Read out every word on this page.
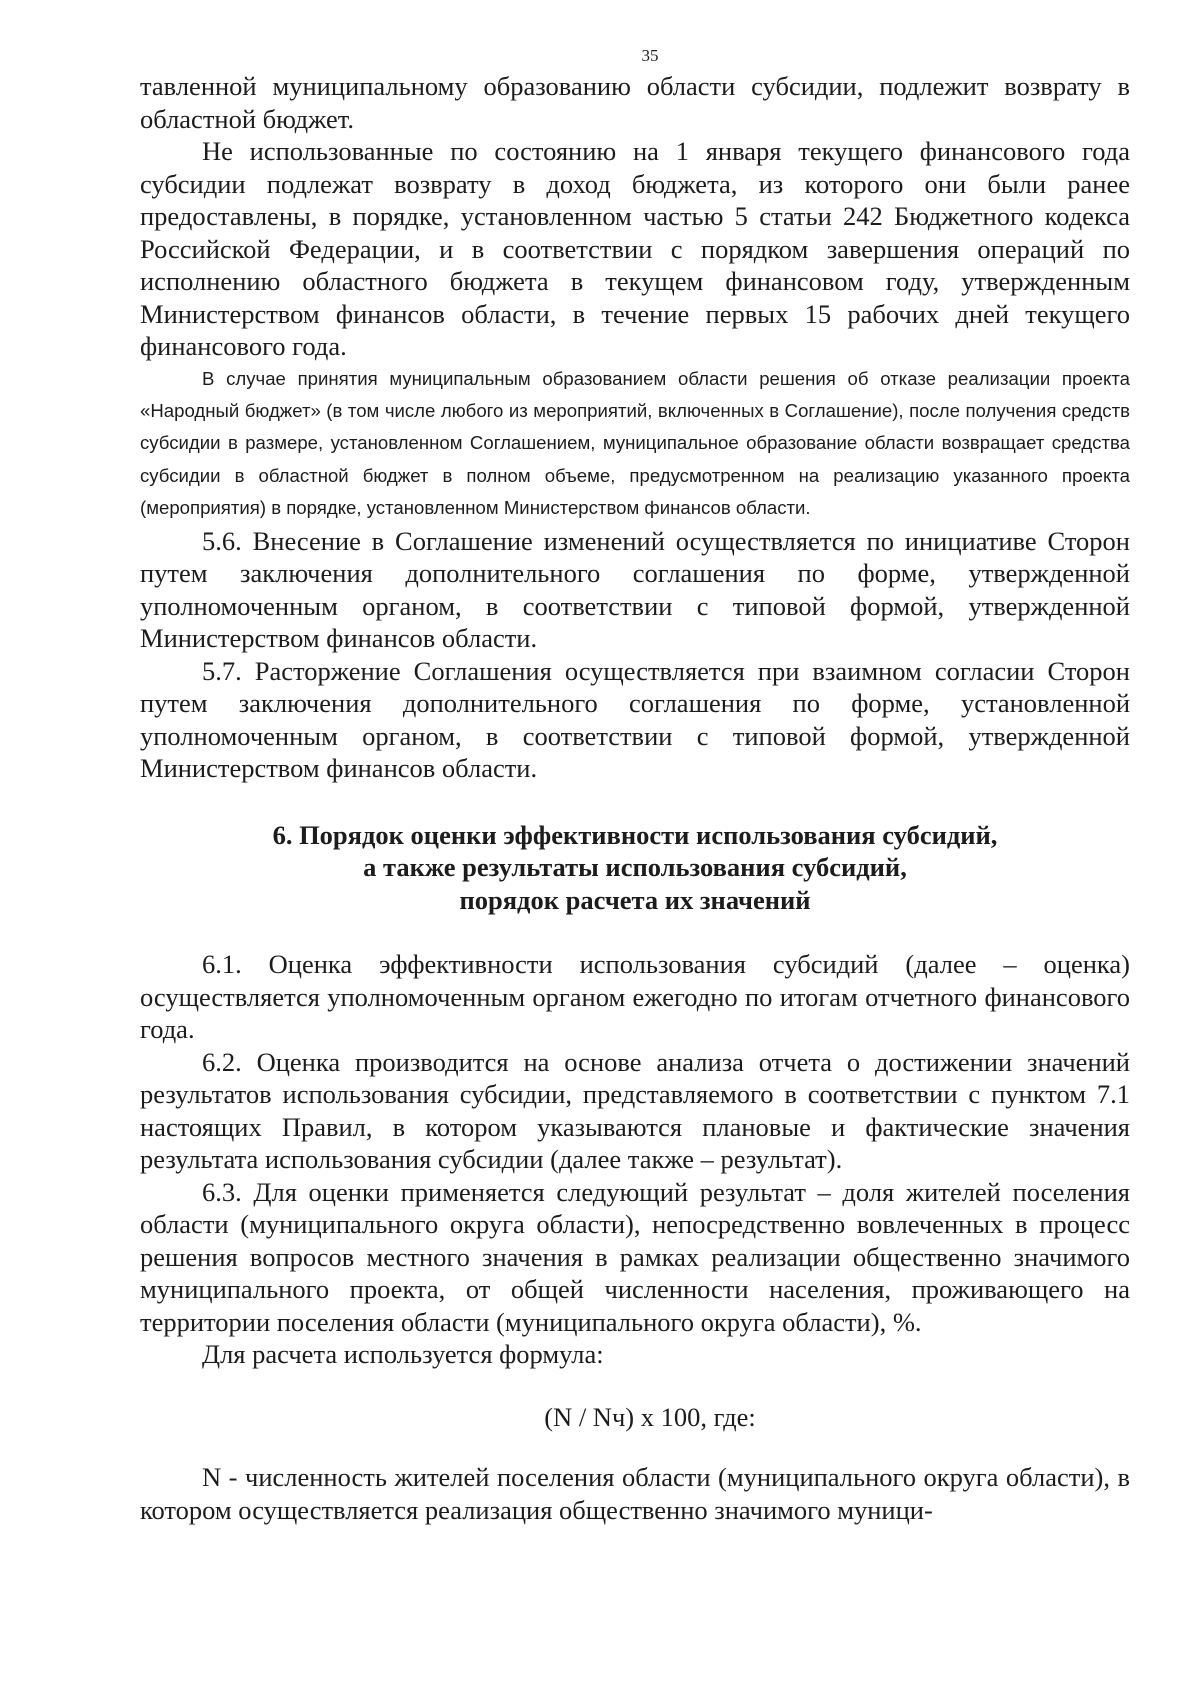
35

тавленной муниципальному образованию области субсидии, подлежит возврату в областной бюджет.

Не использованные по состоянию на 1 января текущего финансового года субсидии подлежат возврату в доход бюджета, из которого они были ранее предоставлены, в порядке, установленном частью 5 статьи 242 Бюджетного кодекса Российской Федерации, и в соответствии с порядком завершения операций по исполнению областного бюджета в текущем финансовом году, утвержденным Министерством финансов области, в течение первых 15 рабочих дней текущего финансового года.

В случае принятия муниципальным образованием области решения об отказе реализации проекта «Народный бюджет» (в том числе любого из мероприятий, включенных в Соглашение), после получения средств субсидии в размере, установленном Соглашением, муниципальное образование области возвращает средства субсидии в областной бюджет в полном объеме, предусмотренном на реализацию указанного проекта (мероприятия) в порядке, установленном Министерством финансов области.

5.6. Внесение в Соглашение изменений осуществляется по инициативе Сторон путем заключения дополнительного соглашения по форме, утвержденной уполномоченным органом, в соответствии с типовой формой, утвержденной Министерством финансов области.

5.7. Расторжение Соглашения осуществляется при взаимном согласии Сторон путем заключения дополнительного соглашения по форме, установленной уполномоченным органом, в соответствии с типовой формой, утвержденной Министерством финансов области.

6. Порядок оценки эффективности использования субсидий,
а также результаты использования субсидий,
порядок расчета их значений

6.1. Оценка эффективности использования субсидий (далее – оценка) осуществляется уполномоченным органом ежегодно по итогам отчетного финансового года.

6.2. Оценка производится на основе анализа отчета о достижении значений результатов использования субсидии, представляемого в соответствии с пунктом 7.1 настоящих Правил, в котором указываются плановые и фактические значения результата использования субсидии (далее также – результат).

6.3. Для оценки применяется следующий результат – доля жителей поселения области (муниципального округа области), непосредственно вовлеченных в процесс решения вопросов местного значения в рамках реализации общественно значимого муниципального проекта, от общей численности населения, проживающего на территории поселения области (муниципального округа области), %.

Для расчета используется формула:

(N / Nч) x 100, где:

N - численность жителей поселения области (муниципального округа области), в котором осуществляется реализация общественно значимого муници-
